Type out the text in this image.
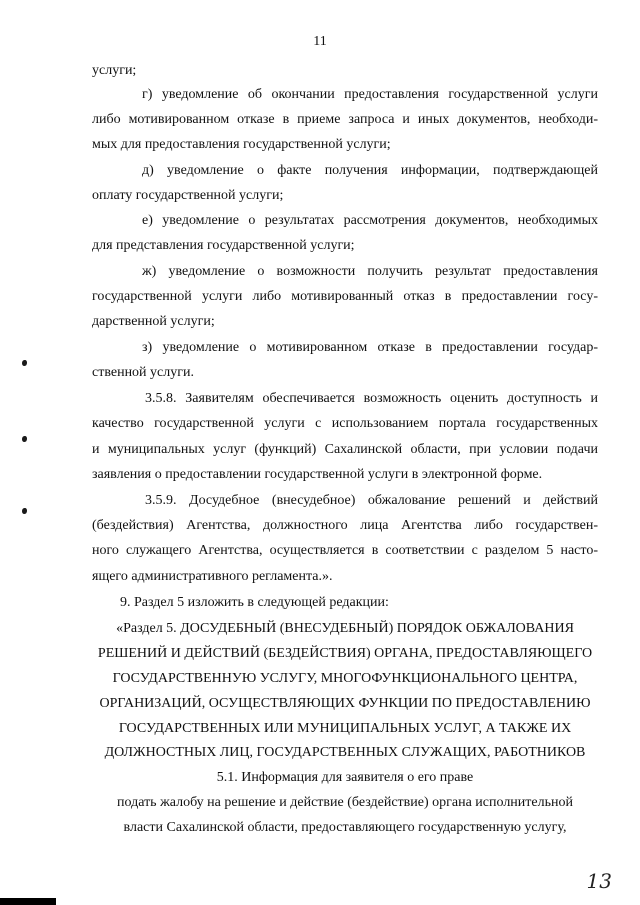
11
услуги;
г) уведомление об окончании предоставления государственной услуги
либо мотивированном отказе в приеме запроса и иных документов, необходи-
мых для предоставления государственной услуги;
д) уведомление о факте получения информации, подтверждающей
оплату государственной услуги;
е) уведомление о результатах рассмотрения документов, необходимых
для представления государственной услуги;
ж) уведомление о возможности получить результат предоставления
государственной услуги либо мотивированный отказ в предоставлении госу-
дарственной услуги;
з) уведомление о мотивированном отказе в предоставлении государ-
ственной услуги.
3.5.8. Заявителям обеспечивается возможность оценить доступность и
качество государственной услуги с использованием портала государственных
и муниципальных услуг (функций) Сахалинской области, при условии подачи
заявления о предоставлении государственной услуги в электронной форме.
3.5.9. Досудебное (внесудебное) обжалование решений и действий
(бездействия) Агентства, должностного лица Агентства либо государствен-
ного служащего Агентства, осуществляется в соответствии с разделом 5 насто-
ящего административного регламента.».
9. Раздел 5 изложить в следующей редакции:
«Раздел 5. ДОСУДЕБНЫЙ (ВНЕСУДЕБНЫЙ) ПОРЯДОК ОБЖАЛОВАНИЯ
РЕШЕНИЙ И ДЕЙСТВИЙ (БЕЗДЕЙСТВИЯ) ОРГАНА, ПРЕДОСТАВЛЯЮЩЕГО
ГОСУДАРСТВЕННУЮ УСЛУГУ, МНОГОФУНКЦИОНАЛЬНОГО ЦЕНТРА,
ОРГАНИЗАЦИЙ, ОСУЩЕСТВЛЯЮЩИХ ФУНКЦИИ ПО ПРЕДОСТАВЛЕНИЮ
ГОСУДАРСТВЕННЫХ ИЛИ МУНИЦИПАЛЬНЫХ УСЛУГ, А ТАКЖЕ ИХ
ДОЛЖНОСТНЫХ ЛИЦ, ГОСУДАРСТВЕННЫХ СЛУЖАЩИХ, РАБОТНИКОВ
5.1. Информация для заявителя о его праве
подать жалобу на решение и действие (бездействие) органа исполнительной
власти Сахалинской области, предоставляющего государственную услугу,
13
